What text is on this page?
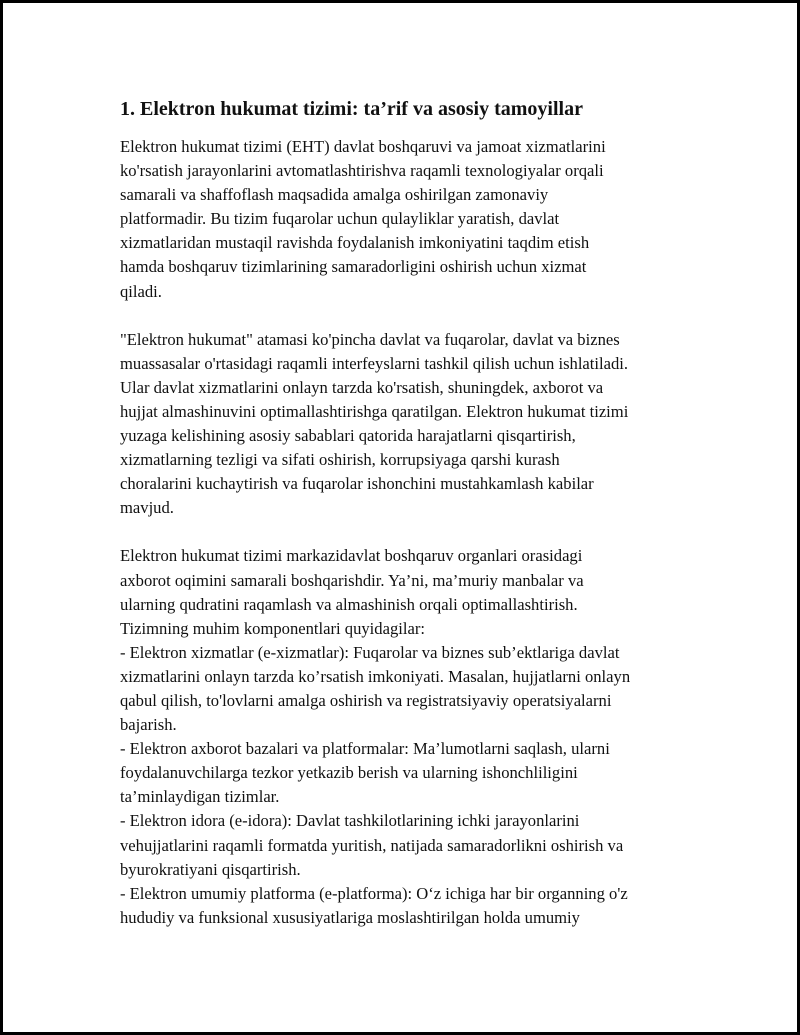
1. Elektron hukumat tizimi: ta’rif va asosiy tamoyillar

Elektron hukumat tizimi (EHT) davlat boshqaruvi va jamoat xizmatlarini
ko'rsatish jarayonlarini avtomatlashtirishva raqamli texnologiyalar orqali
samarali va shaffoflash maqsadida amalga oshirilgan zamonaviy
platformadir. Bu tizim fuqarolar uchun qulayliklar yaratish, davlat
xizmatlaridan mustaqil ravishda foydalanish imkoniyatini taqdim etish
hamda boshqaruv tizimlarining samaradorligini oshirish uchun xizmat
qiladi.

"Elektron hukumat" atamasi ko'pincha davlat va fuqarolar, davlat va biznes
muassasalar o'rtasidagi raqamli interfeyslarni tashkil qilish uchun ishlatiladi.
Ular davlat xizmatlarini onlayn tarzda ko'rsatish, shuningdek, axborot va
hujjat almashinuvini optimallashtirishga qaratilgan. Elektron hukumat tizimi
yuzaga kelishining asosiy sabablari qatorida harajatlarni qisqartirish,
xizmatlarning tezligi va sifati oshirish, korrupsiyaga qarshi kurash
choralarini kuchaytirish va fuqarolar ishonchini mustahkamlash kabilar
mavjud.

Elektron hukumat tizimi markazidavlat boshqaruv organlari orasidagi
axborot oqimini samarali boshqarishdir. Ya’ni, ma’muriy manbalar va
ularning qudratini raqamlash va almashinish orqali optimallashtirish.
Tizimning muhim komponentlari quyidagilar:
- Elektron xizmatlar (e-xizmatlar): Fuqarolar va biznes sub’ektlariga davlat
xizmatlarini onlayn tarzda ko’rsatish imkoniyati. Masalan, hujjatlarni onlayn
qabul qilish, to'lovlarni amalga oshirish va registratsiyaviy operatsiyalarni
bajarish.
- Elektron axborot bazalari va platformalar: Ma’lumotlarni saqlash, ularni
foydalanuvchilarga tezkor yetkazib berish va ularning ishonchliligini
ta’minlaydigan tizimlar.
- Elektron idora (e-idora): Davlat tashkilotlarining ichki jarayonlarini
vehujjatlarini raqamli formatda yuritish, natijada samaradorlikni oshirish va
byurokratiyani qisqartirish.
- Elektron umumiy platforma (e-platforma): O‘z ichiga har bir organning o'z
hududiy va funksional xususiyatlariga moslashtirilgan holda umumiy
